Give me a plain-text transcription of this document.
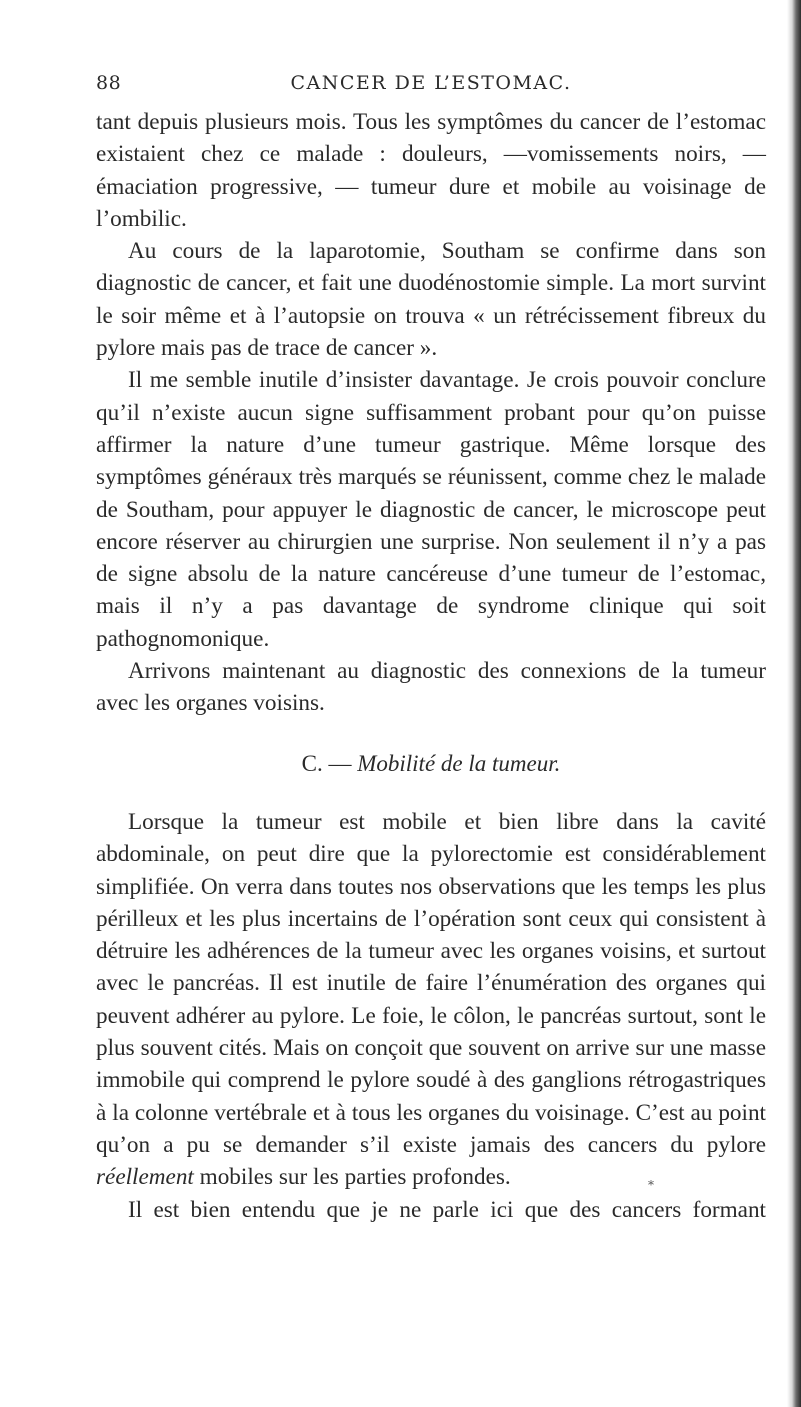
88	CANCER DE L’ESTOMAC.

tant depuis plusieurs mois. Tous les symptômes du cancer de l’estomac existaient chez ce malade : douleurs, —vomissements noirs, — émaciation progressive, — tumeur dure et mobile au voisinage de l’ombilic.

Au cours de la laparotomie, Southam se confirme dans son diagnostic de cancer, et fait une duodénostomie simple. La mort survint le soir même et à l’autopsie on trouva « un rétrécissement fibreux du pylore mais pas de trace de cancer ».

Il me semble inutile d’insister davantage. Je crois pouvoir conclure qu’il n’existe aucun signe suffisamment probant pour qu’on puisse affirmer la nature d’une tumeur gastrique. Même lorsque des symptômes généraux très marqués se réunissent, comme chez le malade de Southam, pour appuyer le diagnostic de cancer, le microscope peut encore réserver au chirurgien une surprise. Non seulement il n’y a pas de signe absolu de la nature cancéreuse d’une tumeur de l’estomac, mais il n’y a pas davantage de syndrome clinique qui soit pathognomonique.

Arrivons maintenant au diagnostic des connexions de la tumeur avec les organes voisins.

C. — Mobilité de la tumeur.

Lorsque la tumeur est mobile et bien libre dans la cavité abdominale, on peut dire que la pylorectomie est considérablement simplifiée. On verra dans toutes nos observations que les temps les plus périlleux et les plus incertains de l’opération sont ceux qui consistent à détruire les adhérences de la tumeur avec les organes voisins, et surtout avec le pancréas. Il est inutile de faire l’énumération des organes qui peuvent adhérer au pylore. Le foie, le côlon, le pancréas surtout, sont le plus souvent cités. Mais on conçoit que souvent on arrive sur une masse immobile qui comprend le pylore soudé à des ganglions rétrogastriques à la colonne vertébrale et à tous les organes du voisinage. C’est au point qu’on a pu se demander s’il existe jamais des cancers du pylore réellement mobiles sur les parties profondes.

Il est bien entendu que je ne parle ici que des cancers formant

*
